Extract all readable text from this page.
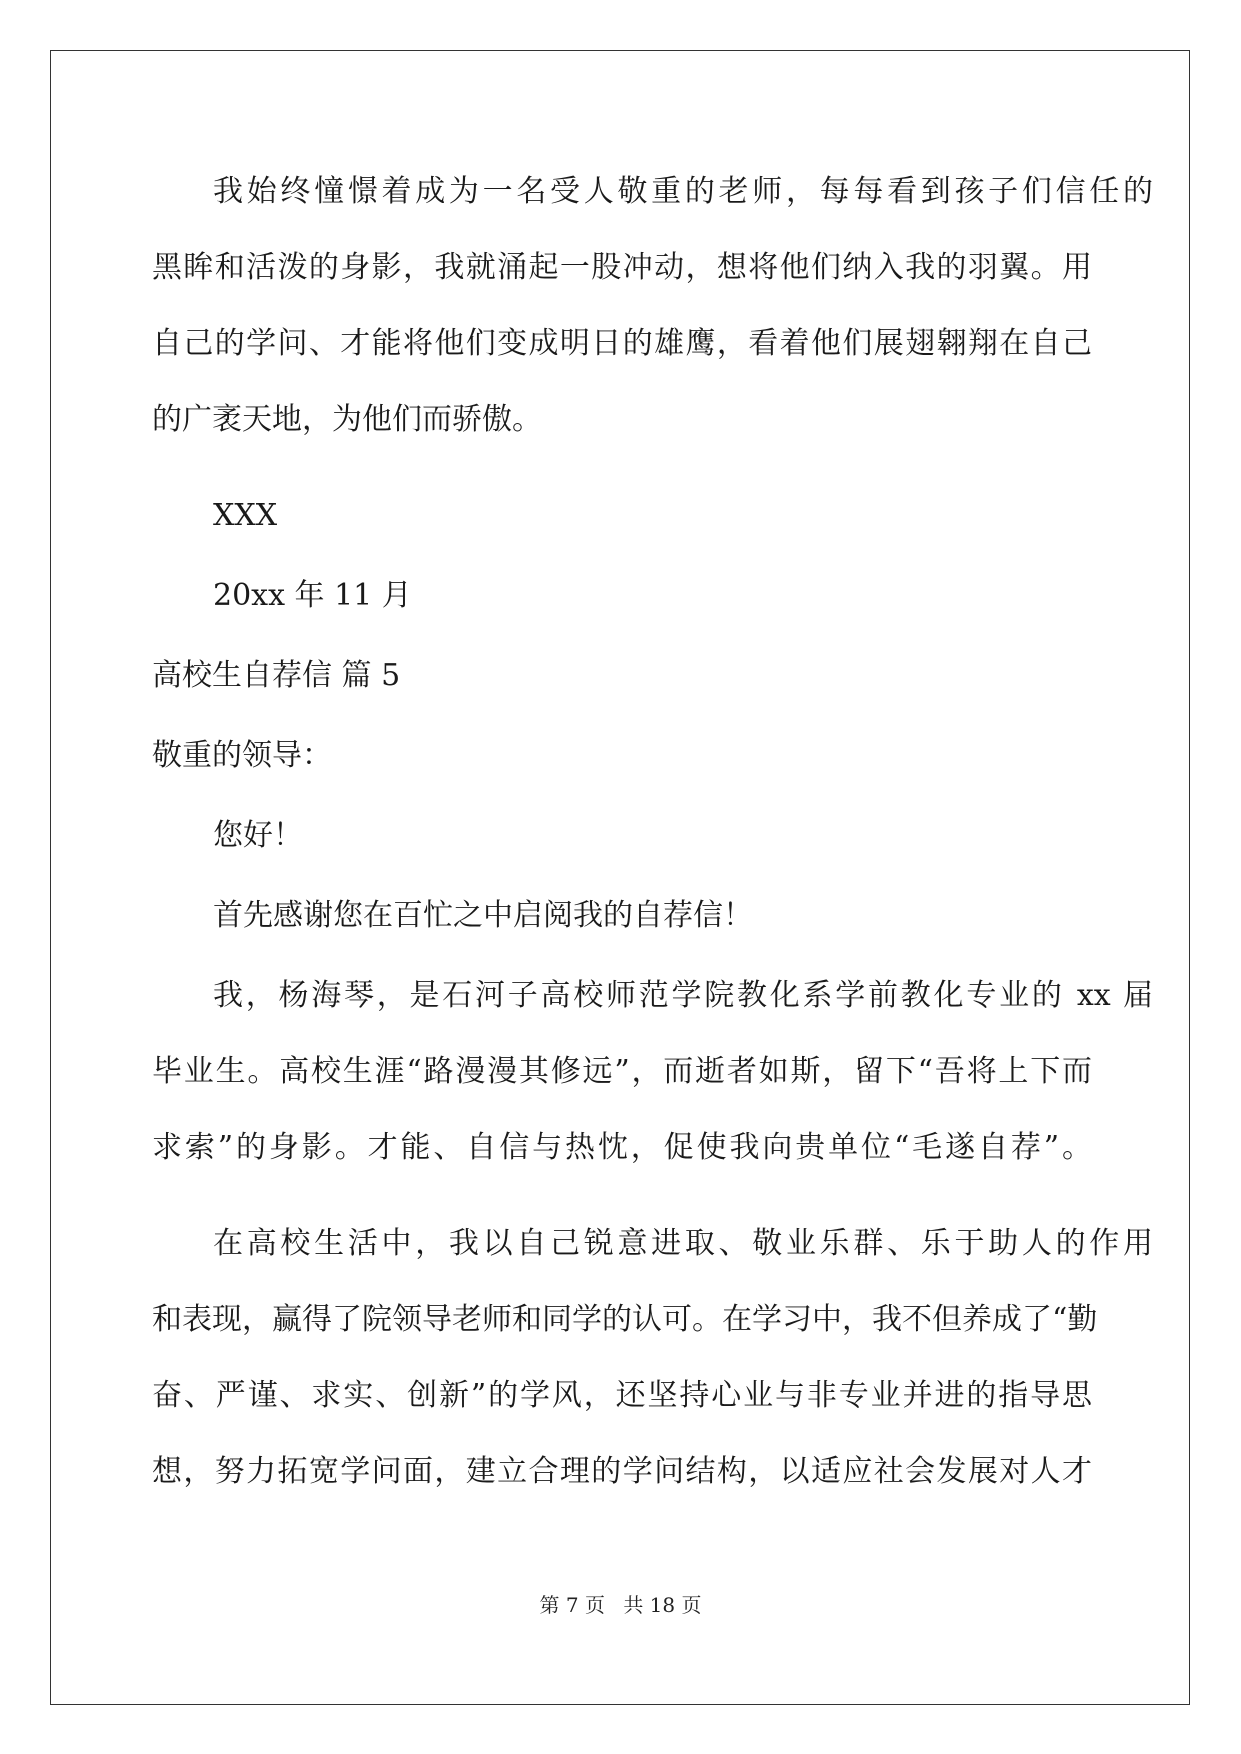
我始终憧憬着成为一名受人敬重的老师，每每看到孩子们信任的
黑眸和活泼的身影，我就涌起一股冲动，想将他们纳入我的羽翼。用
自己的学问、才能将他们变成明日的雄鹰，看着他们展翅翱翔在自己
的广袤天地，为他们而骄傲。
XXX
20xx 年 11 月
高校生自荐信 篇 5
敬重的领导：
您好！
首先感谢您在百忙之中启阅我的自荐信！
我，杨海琴，是石河子高校师范学院教化系学前教化专业的 xx 届
毕业生。高校生涯“路漫漫其修远”，而逝者如斯，留下“吾将上下而
求索”的身影。才能、自信与热忱，促使我向贵单位“毛遂自荐”。
在高校生活中，我以自己锐意进取、敬业乐群、乐于助人的作用
和表现，赢得了院领导老师和同学的认可。在学习中，我不但养成了“勤
奋、严谨、求实、创新”的学风，还坚持心业与非专业并进的指导思
想，努力拓宽学问面，建立合理的学问结构，以适应社会发展对人才
第 7 页 共 18 页
